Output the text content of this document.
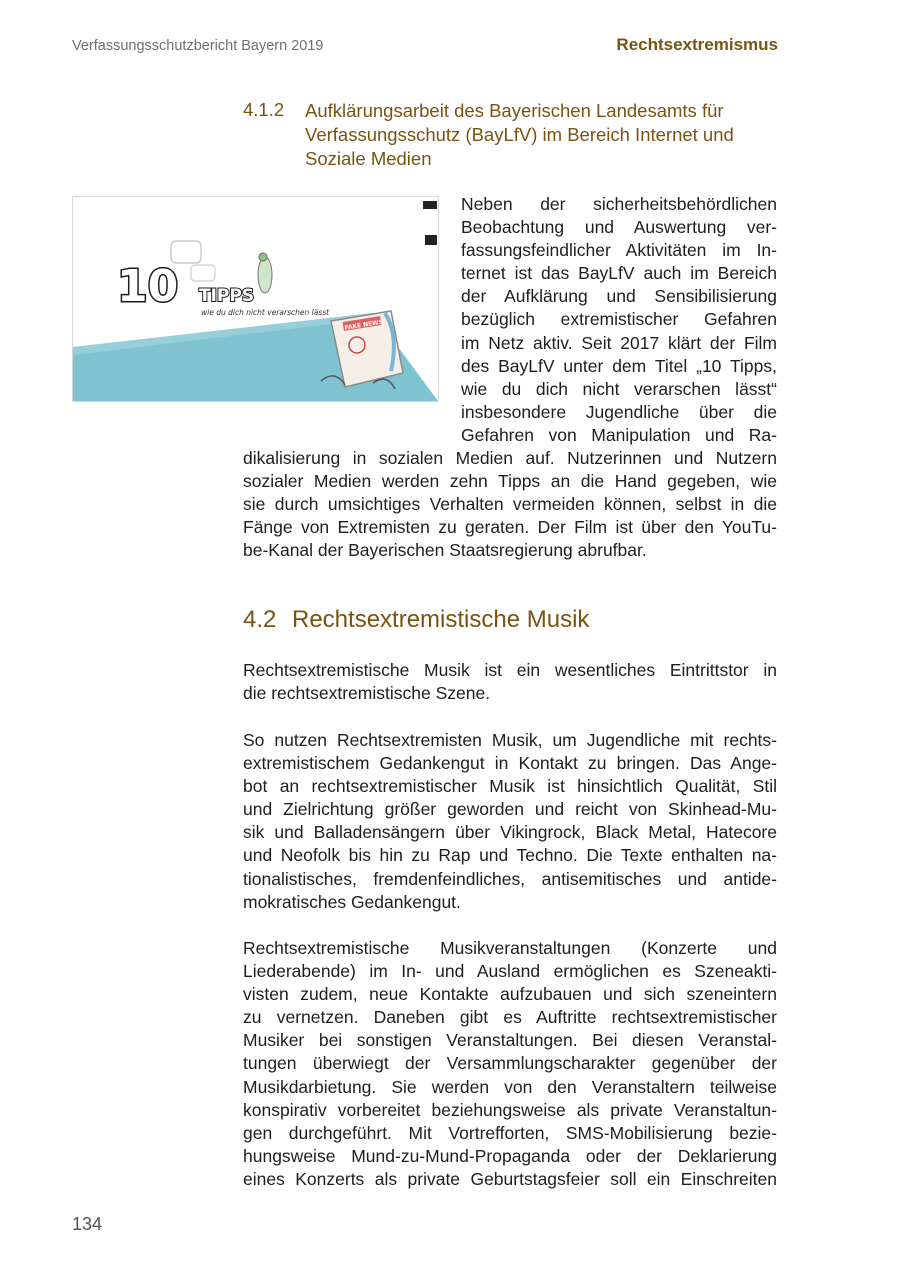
Verfassungsschutzbericht Bayern 2019	Rechtsextremismus
4.1.2 Aufklärungsarbeit des Bayerischen Landesamts für
Verfassungsschutz (BayLfV) im Bereich Internet und
Soziale Medien
10 TIPPS
wie du dich nicht verarschen lässt
FAKE NEWS
Neben der sicherheitsbehördlichen
Beobachtung und Auswertung ver-
fassungsfeindlicher Aktivitäten im In-
ternet ist das BayLfV auch im Bereich
der Aufklärung und Sensibilisierung
bezüglich extremistischer Gefahren
im Netz aktiv. Seit 2017 klärt der Film
des BayLfV unter dem Titel „10 Tipps,
wie du dich nicht verarschen lässt“
insbesondere Jugendliche über die
Gefahren von Manipulation und Ra-
dikalisierung in sozialen Medien auf. Nutzerinnen und Nutzern
sozialer Medien werden zehn Tipps an die Hand gegeben, wie
sie durch umsichtiges Verhalten vermeiden können, selbst in die
Fänge von Extremisten zu geraten. Der Film ist über den YouTu-
be-Kanal der Bayerischen Staatsregierung abrufbar.
4.2 Rechtsextremistische Musik
Rechtsextremistische Musik ist ein wesentliches Eintrittstor in
die rechtsextremistische Szene.
So nutzen Rechtsextremisten Musik, um Jugendliche mit rechts-
extremistischem Gedankengut in Kontakt zu bringen. Das Ange-
bot an rechtsextremistischer Musik ist hinsichtlich Qualität, Stil
und Zielrichtung größer geworden und reicht von Skinhead-Mu-
sik und Balladensängern über Vikingrock, Black Metal, Hatecore
und Neofolk bis hin zu Rap und Techno. Die Texte enthalten na-
tionalistisches, fremdenfeindliches, antisemitisches und antide-
mokratisches Gedankengut.
Rechtsextremistische Musikveranstaltungen (Konzerte und
Liederabende) im In- und Ausland ermöglichen es Szeneakti-
visten zudem, neue Kontakte aufzubauen und sich szeneintern
zu vernetzen. Daneben gibt es Auftritte rechtsextremistischer
Musiker bei sonstigen Veranstaltungen. Bei diesen Veranstal-
tungen überwiegt der Versammlungscharakter gegenüber der
Musikdarbietung. Sie werden von den Veranstaltern teilweise
konspirativ vorbereitet beziehungsweise als private Veranstaltun-
gen durchgeführt. Mit Vortrefforten, SMS-Mobilisierung bezie-
hungsweise Mund-zu-Mund-Propaganda oder der Deklarierung
eines Konzerts als private Geburtstagsfeier soll ein Einschreiten
134
